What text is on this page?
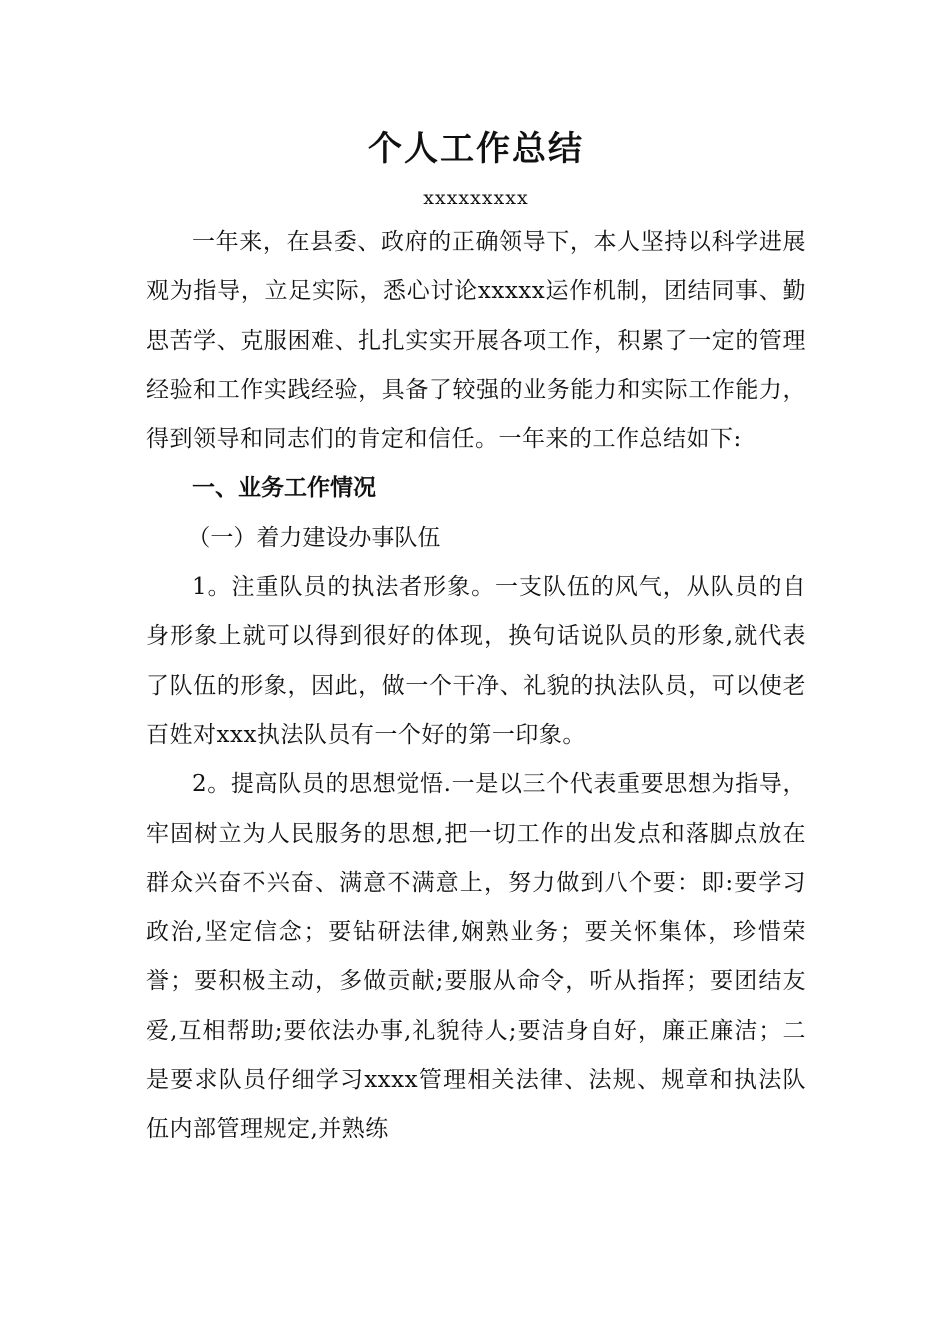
个人工作总结

xxxxxxxxx

一年来，在县委、政府的正确领导下，本人坚持以科学进展观为指导，立足实际，悉心讨论xxxxx运作机制，团结同事、勤思苦学、克服困难、扎扎实实开展各项工作，积累了一定的管理经验和工作实践经验，具备了较强的业务能力和实际工作能力，得到领导和同志们的肯定和信任。一年来的工作总结如下:

一、业务工作情况

（一）着力建设办事队伍

1。注重队员的执法者形象。一支队伍的风气，从队员的自身形象上就可以得到很好的体现，换句话说队员的形象,就代表了队伍的形象，因此，做一个干净、礼貌的执法队员，可以使老百姓对xxx执法队员有一个好的第一印象。

2。提高队员的思想觉悟.一是以三个代表重要思想为指导，牢固树立为人民服务的思想,把一切工作的出发点和落脚点放在群众兴奋不兴奋、满意不满意上，努力做到八个要：即:要学习政治,坚定信念；要钻研法律,娴熟业务；要关怀集体，珍惜荣誉；要积极主动，多做贡献;要服从命令，听从指挥；要团结友爱,互相帮助;要依法办事,礼貌待人;要洁身自好，廉正廉洁；二是要求队员仔细学习xxxx管理相关法律、法规、规章和执法队伍内部管理规定,并熟练
